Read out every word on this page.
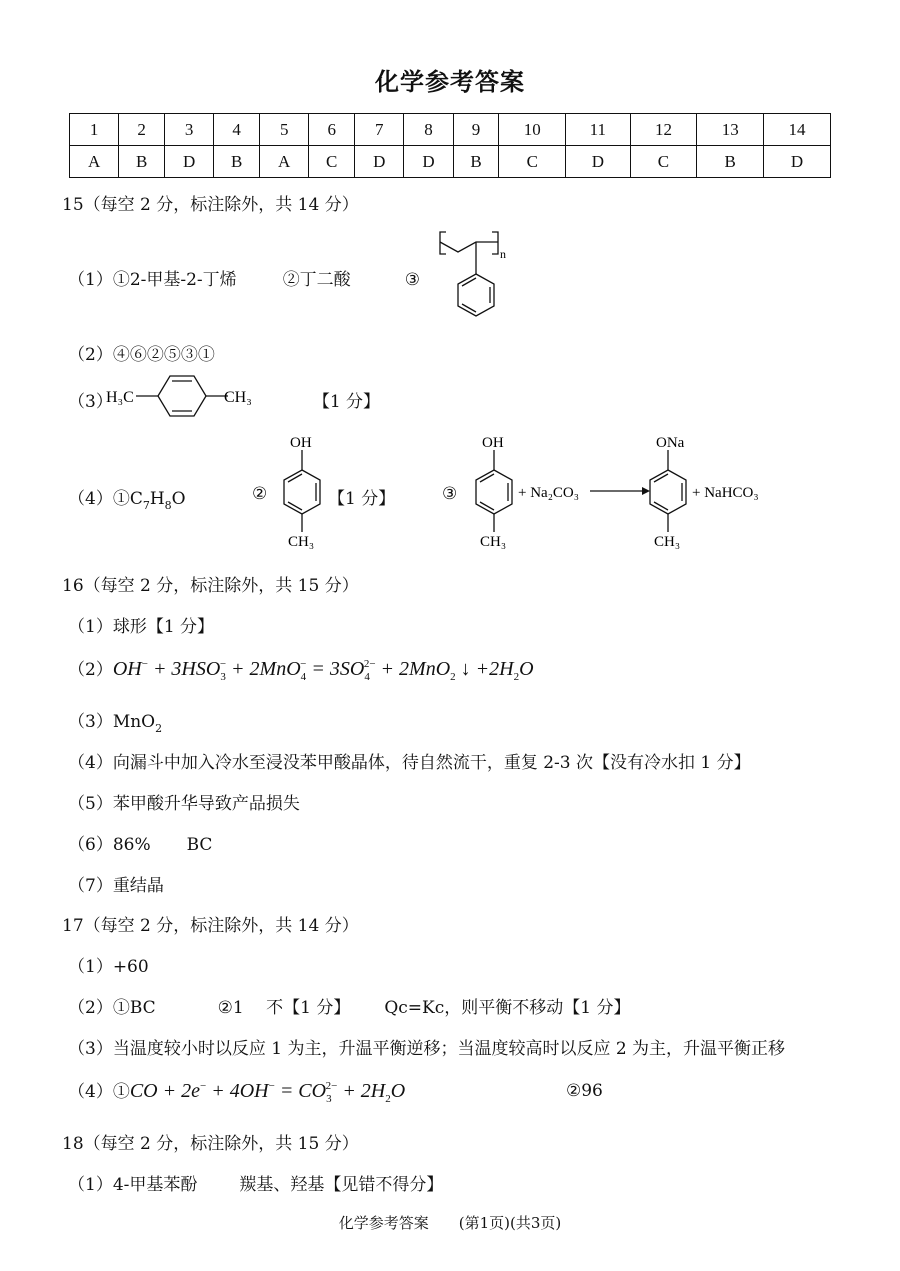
化学参考答案
1	2	3	4	5	6	7	8	9	10	11	12	13	14
A	B	D	B	A	C	D	D	B	C	D	C	B	D
15（每空 2 分，标注除外，共 14 分）
（1）①2-甲基-2-丁烯	②丁二酸	③
n
（2）④⑥②⑤③①
（3）	【1 分】
H₃C	CH₃
$(4)①C_7H_8O$	②	【1 分】	③
OH
CH₃
OH
CH₃
+ Na₂CO₃ →
ONa
CH₃
+ NaHCO₃
16（每空 2 分，标注除外，共 15 分）
（1）球形【1 分】
$(2)OH^- + 3HSO_3^- + 2MnO_4^- = 3SO_4^{2-} + 2MnO_2$ ↓ $+2H_2O$
（3）MnO$_2$
（4）向漏斗中加入冷水至浸没苯甲酸晶体，待自然流干，重复 2-3 次【没有冷水扣 1 分】
（5）苯甲酸升华导致产品损失
（6）86% BC
（7）重结晶
17（每空 2 分，标注除外，共 14 分）
（1）+60
（2）①BC	②1　 不【1 分】 Qc=Kc，则平衡不移动【1 分】
（3）当温度较小时以反应 1 为主，升温平衡逆移；当温度较高时以反应 2 为主，升温平衡正移
（4）①CO + $2e^- + 4OH^- = CO_3^{2-} + 2H_2O$	②96
18（每空 2 分，标注除外，共 15 分）
（1）4-甲基苯酚 羰基、羟基【见错不得分】
化学参考答案　　(第1页)(共3页)
